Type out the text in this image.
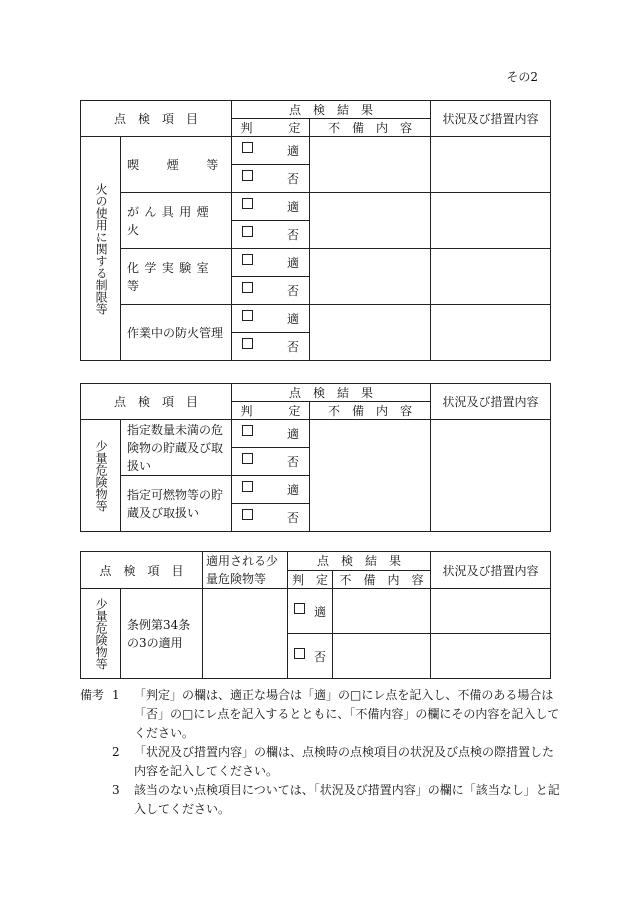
その2
点　検　項　目		点　検　結　果		状況及び措置内容
		判　　　定	不　備　内　容	

火の使用に関する制限等	喫　　煙　　等	適		

		否		

	がん具用煙火	適		

		否		

	化学実験室等	適		

		否		

	作業中の防火管理	適		

		否		
点　検　項　目		点　検　結　果		状況及び措置内容
		判　　　定	不　備　内　容	

少量危険物等	指定数量未満の危険物の貯蔵及び取扱い	適		

		否		

	指定可燃物等の貯蔵及び取扱い	適		

		否		
点　検　項　目		適用される少量危険物等	点　検　結　果		状況及び措置内容
			判　定	不　備　内　容	

少量危険物等	条例第34条の3の適用		適		

			否		

備考 1	「判定」の欄は、適正な場合は「適」の□にレ点を記入し、不備のある場合は「否」の□にレ点を記入するとともに、「不備内容」の欄にその内容を記入してください。
2	「状況及び措置内容」の欄は、点検時の点検項目の状況及び点検の際措置した内容を記入してください。
3	該当のない点検項目については、「状況及び措置内容」の欄に「該当なし」と記入してください。
